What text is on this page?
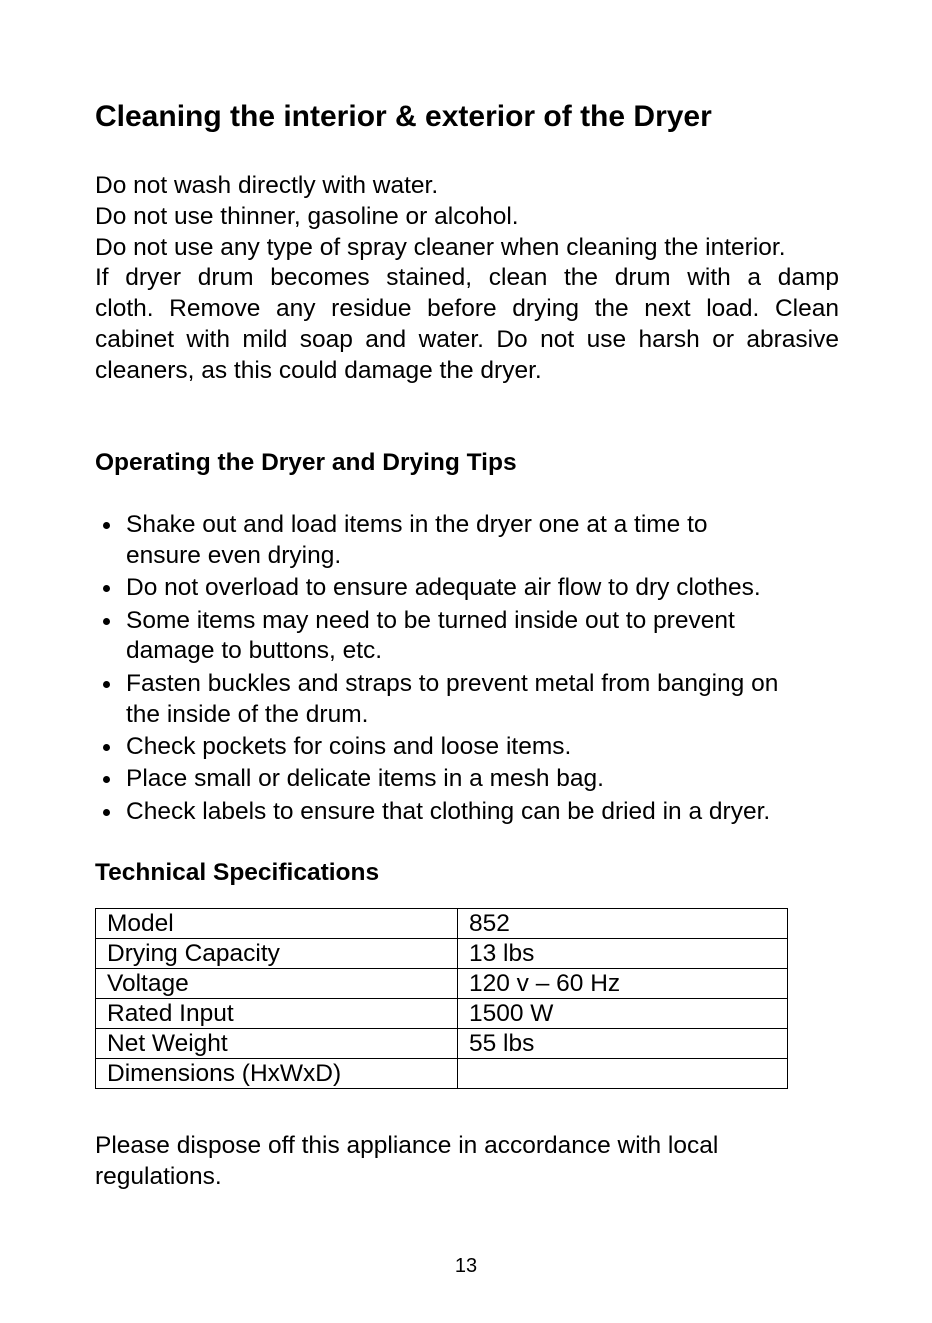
Cleaning the interior & exterior of the Dryer

Do not wash directly with water.
Do not use thinner, gasoline or alcohol.
Do not use any type of spray cleaner when cleaning the interior.
If dryer drum becomes stained, clean the drum with a damp
cloth. Remove any residue before drying the next load. Clean
cabinet with mild soap and water. Do not use harsh or abrasive
cleaners, as this could damage the dryer.

Operating the Dryer and Drying Tips
Shake out and load items in the dryer one at a time to
ensure even drying.
Do not overload to ensure adequate air flow to dry clothes.
Some items may need to be turned inside out to prevent
damage to buttons, etc.
Fasten buckles and straps to prevent metal from banging on
the inside of the drum.
Check pockets for coins and loose items.
Place small or delicate items in a mesh bag.
Check labels to ensure that clothing can be dried in a dryer.
Technical Specifications
Model	852
Drying Capacity	13 lbs
Voltage	120 v – 60 Hz
Rated Input	1500 W
Net Weight	55 lbs
Dimensions (HxWxD)	

Please dispose off this appliance in accordance with local
regulations.

13
